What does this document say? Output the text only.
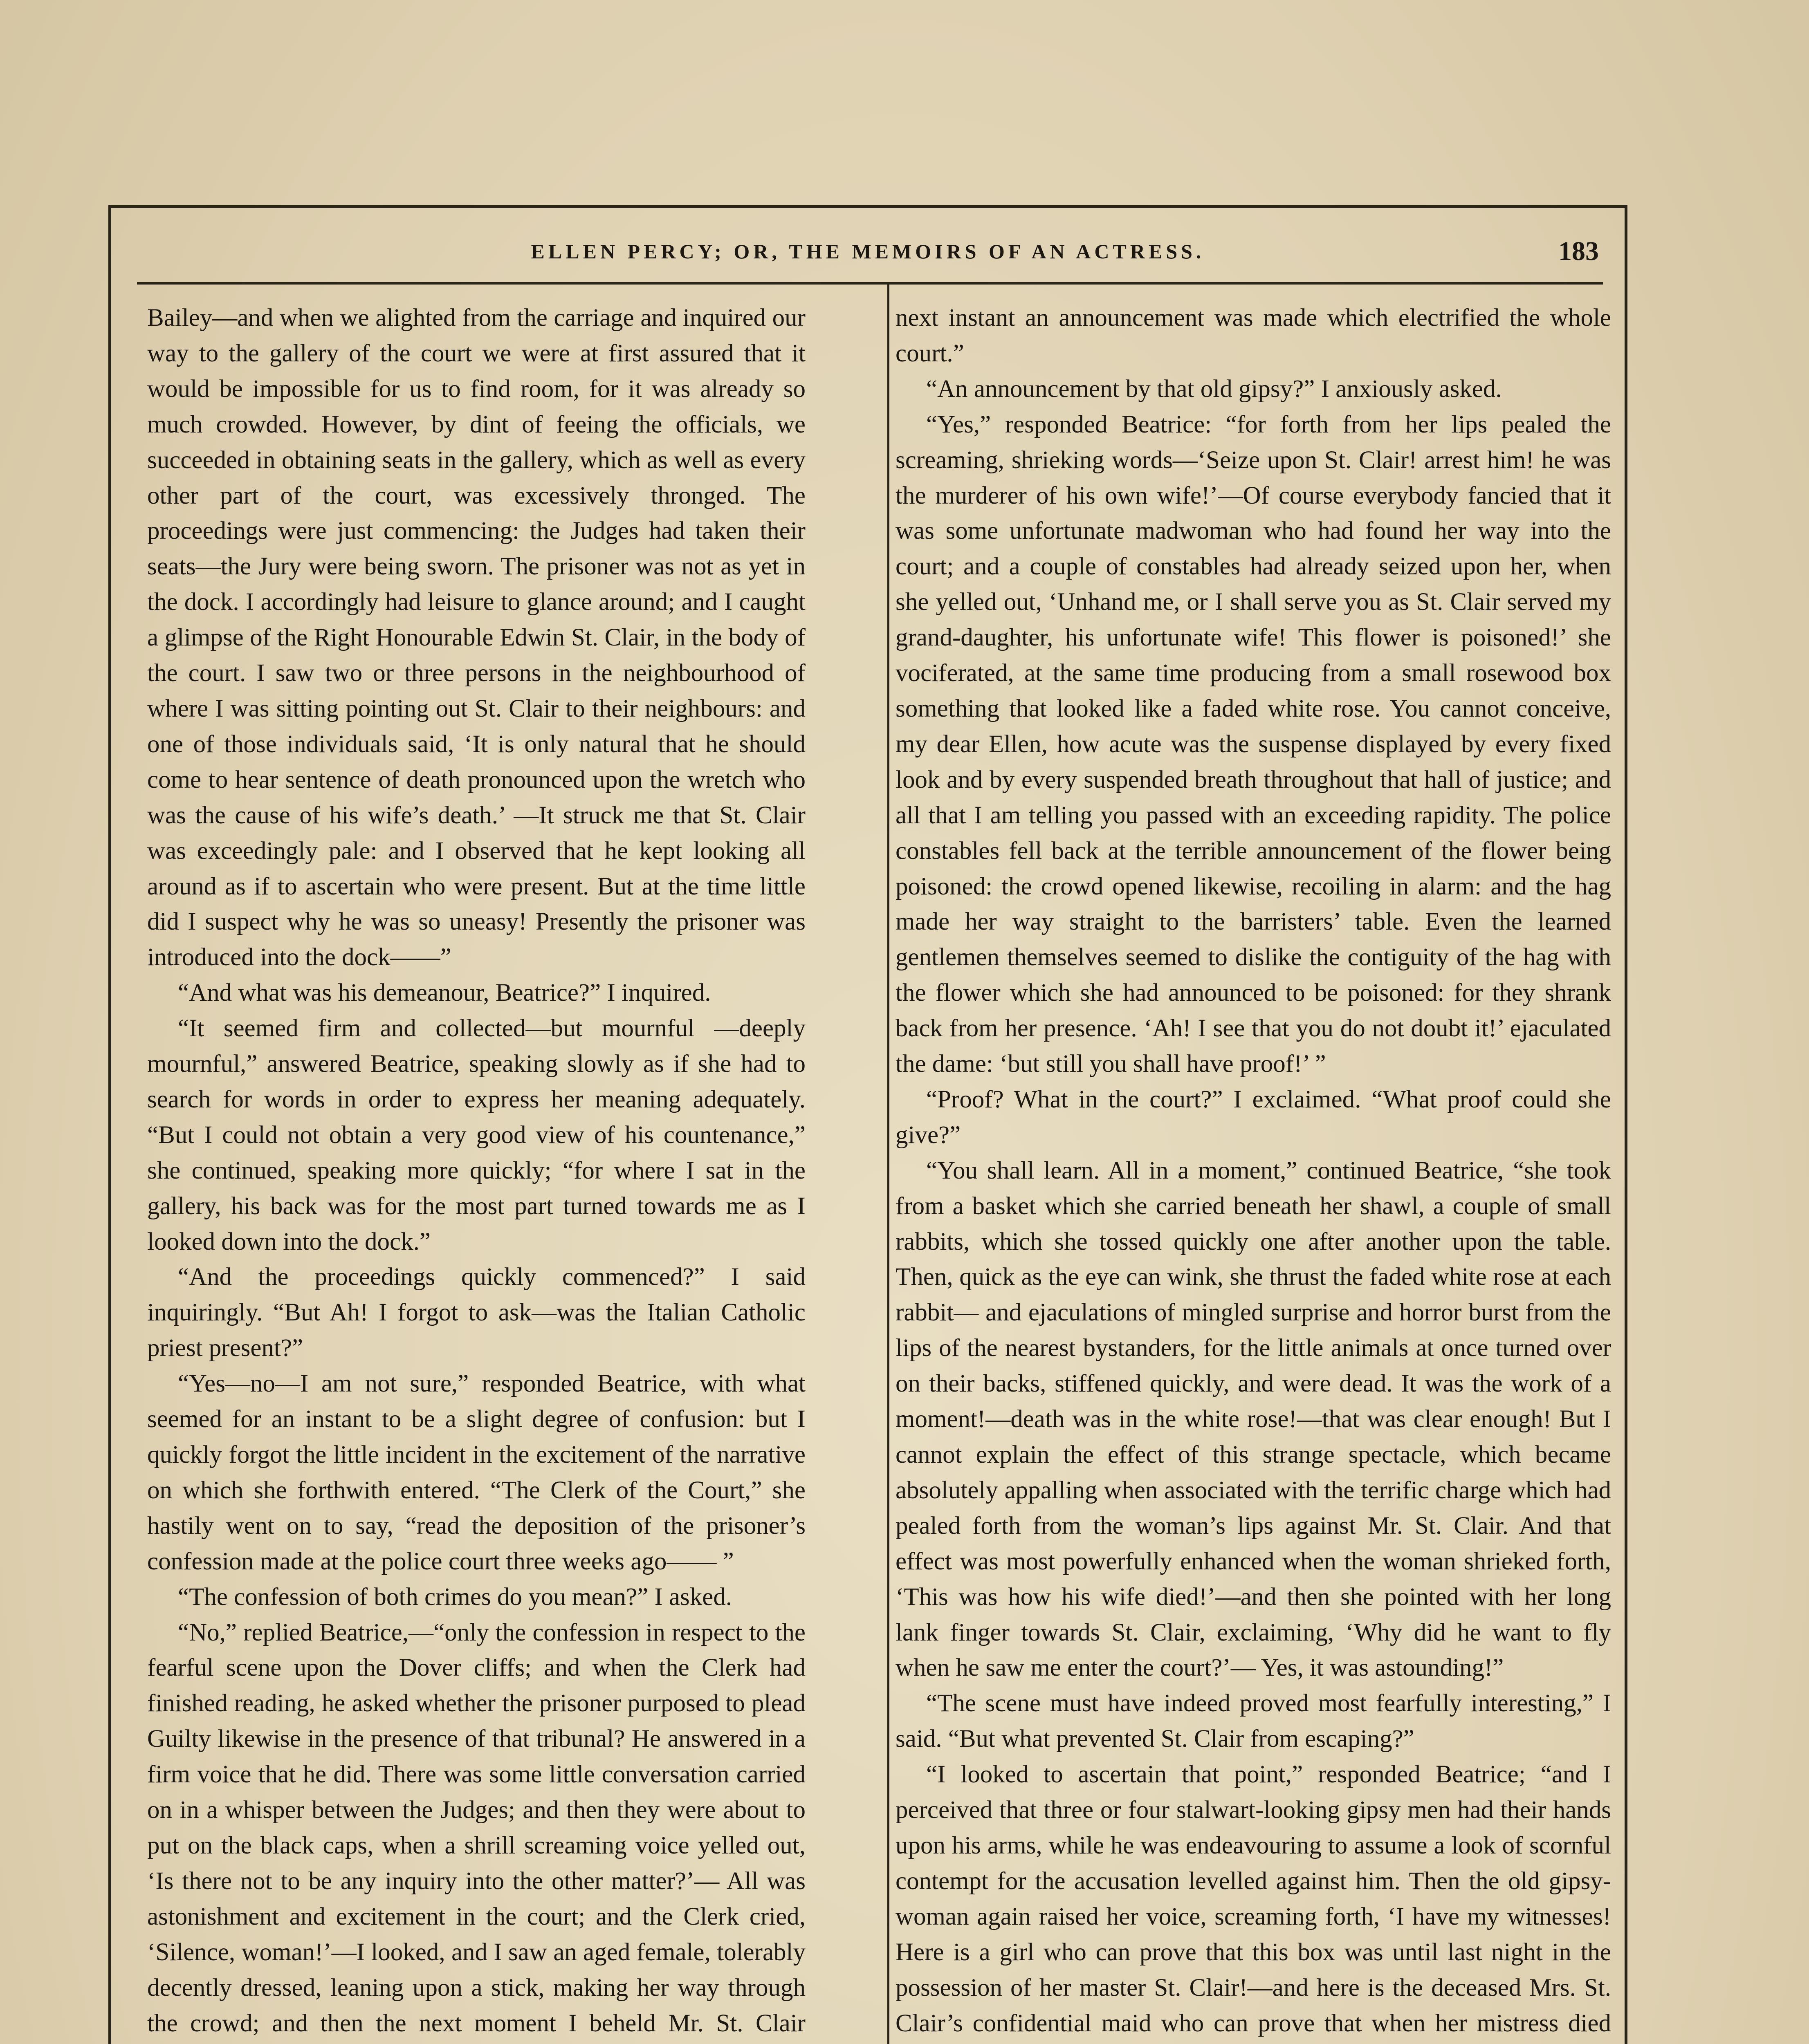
ELLEN PERCY; OR, THE MEMOIRS OF AN ACTRESS.	183

Bailey—and when we alighted from the carriage and inquired our way to the gallery of the court we were at first assured that it would be impossible for us to find room, for it was already so much crowded. However, by dint of feeing the officials, we succeeded in obtaining seats in the gallery, which as well as every other part of the court, was excessively thronged. The proceedings were just commencing: the Judges had taken their seats—the Jury were being sworn. The prisoner was not as yet in the dock. I accordingly had leisure to glance around; and I caught a glimpse of the Right Honourable Edwin St. Clair, in the body of the court. I saw two or three persons in the neighbourhood of where I was sitting pointing out St. Clair to their neighbours: and one of those individuals said, ‘It is only natural that he should come to hear sentence of death pronounced upon the wretch who was the cause of his wife’s death.’ —It struck me that St. Clair was exceedingly pale: and I observed that he kept looking all around as if to ascertain who were present. But at the time little did I suspect why he was so uneasy! Presently the prisoner was introduced into the dock——”

“And what was his demeanour, Beatrice?” I inquired.

“It seemed firm and collected—but mournful —deeply mournful,” answered Beatrice, speaking slowly as if she had to search for words in order to express her meaning adequately. “But I could not obtain a very good view of his countenance,” she continued, speaking more quickly; “for where I sat in the gallery, his back was for the most part turned towards me as I looked down into the dock.”

“And the proceedings quickly commenced?” I said inquiringly. “But Ah! I forgot to ask—was the Italian Catholic priest present?”

“Yes—no—I am not sure,” responded Beatrice, with what seemed for an instant to be a slight degree of confusion: but I quickly forgot the little incident in the excitement of the narrative on which she forthwith entered. “The Clerk of the Court,” she hastily went on to say, “read the deposition of the prisoner’s confession made at the police court three weeks ago—— ”

“The confession of both crimes do you mean?” I asked.

“No,” replied Beatrice,—“only the confession in respect to the fearful scene upon the Dover cliffs; and when the Clerk had finished reading, he asked whether the prisoner purposed to plead Guilty likewise in the presence of that tribunal? He answered in a firm voice that he did. There was some little conversation carried on in a whisper between the Judges; and then they were about to put on the black caps, when a shrill screaming voice yelled out, ‘Is there not to be any inquiry into the other matter?’— All was astonishment and excitement in the court; and the Clerk cried, ‘Silence, woman!’—I looked, and I saw an aged female, tolerably decently dressed, leaning upon a stick, making her way through the crowd; and then the next moment I beheld Mr. St. Clair

next instant an announcement was made which electrified the whole court.”

“An announcement by that old gipsy?” I anxiously asked.

“Yes,” responded Beatrice: “for forth from her lips pealed the screaming, shrieking words—‘Seize upon St. Clair! arrest him! he was the murderer of his own wife!’—Of course everybody fancied that it was some unfortunate madwoman who had found her way into the court; and a couple of constables had already seized upon her, when she yelled out, ‘Unhand me, or I shall serve you as St. Clair served my grand-daughter, his unfortunate wife! This flower is poisoned!’ she vociferated, at the same time producing from a small rosewood box something that looked like a faded white rose. You cannot conceive, my dear Ellen, how acute was the suspense displayed by every fixed look and by every suspended breath throughout that hall of justice; and all that I am telling you passed with an exceeding rapidity. The police constables fell back at the terrible announcement of the flower being poisoned: the crowd opened likewise, recoiling in alarm: and the hag made her way straight to the barristers’ table. Even the learned gentlemen themselves seemed to dislike the contiguity of the hag with the flower which she had announced to be poisoned: for they shrank back from her presence. ‘Ah! I see that you do not doubt it!’ ejaculated the dame: ‘but still you shall have proof!’ ”

“Proof? What in the court?” I exclaimed. “What proof could she give?”

“You shall learn. All in a moment,” continued Beatrice, “she took from a basket which she carried beneath her shawl, a couple of small rabbits, which she tossed quickly one after another upon the table. Then, quick as the eye can wink, she thrust the faded white rose at each rabbit— and ejaculations of mingled surprise and horror burst from the lips of the nearest bystanders, for the little animals at once turned over on their backs, stiffened quickly, and were dead. It was the work of a moment!—death was in the white rose!—that was clear enough! But I cannot explain the effect of this strange spectacle, which became absolutely appalling when associated with the terrific charge which had pealed forth from the woman’s lips against Mr. St. Clair. And that effect was most powerfully enhanced when the woman shrieked forth, ‘This was how his wife died!’—and then she pointed with her long lank finger towards St. Clair, exclaiming, ‘Why did he want to fly when he saw me enter the court?’— Yes, it was astounding!”

“The scene must have indeed proved most fearfully interesting,” I said. “But what prevented St. Clair from escaping?”

“I looked to ascertain that point,” responded Beatrice; “and I perceived that three or four stalwart-looking gipsy men had their hands upon his arms, while he was endeavouring to assume a look of scornful contempt for the accusation levelled against him. Then the old gipsy-woman again raised her voice, screaming forth, ‘I have my witnesses! Here is a girl who can prove that this box was until last night in the possession of her master St. Clair!—and here is the deceased Mrs. St. Clair’s confidential maid who can prove that when her mistress died
